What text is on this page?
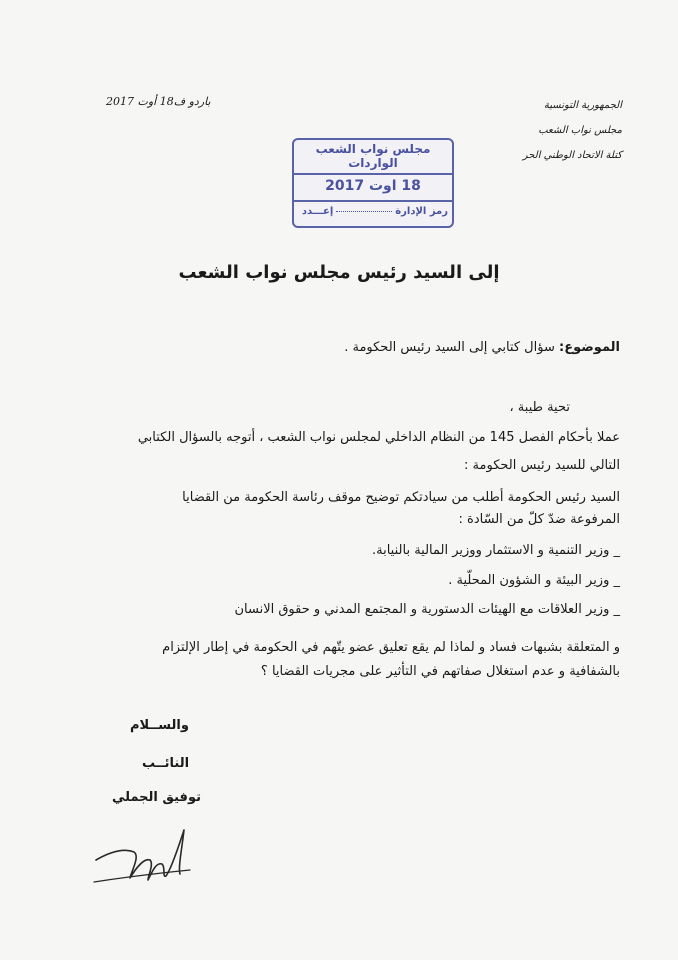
الجمهورية التونسية
مجلس نواب الشعب
كتلة الاتحاد الوطني الحر
باردو ف18 أوت 2017
مجلس نواب الشعب
الواردات
18 اوت 2017
رمز الإدارةإعـــدد
إلى السيد رئيس مجلس نواب الشعب
الموضوع: سؤال كتابي إلى السيد رئيس الحكومة .
تحية طيبة ،
عملا بأحكام الفصل 145 من النظام الداخلي لمجلس نواب الشعب ، أتوجه بالسؤال الكتابي
التالي للسيد رئيس الحكومة :
السيد رئيس الحكومة أطلب من سيادتكم توضيح موقف رئاسة الحكومة من القضايا
المرفوعة ضدّ كلّ من السّادة :
_ وزير التنمية و الاستثمار ووزير المالية بالنيابة.
_ وزير البيئة و الشؤون المحلّية .
_ وزير العلاقات مع الهيئات الدستورية و المجتمع المدني و حقوق الانسان
و المتعلقة بشبهات فساد و لماذا لم يقع تعليق عضو يتّهم في الحكومة في إطار الإلتزام
بالشفافية و عدم استغلال صفاتهم في التأثير على مجريات القضايا ؟
والســلام
النائــب
توفيق الجملي
